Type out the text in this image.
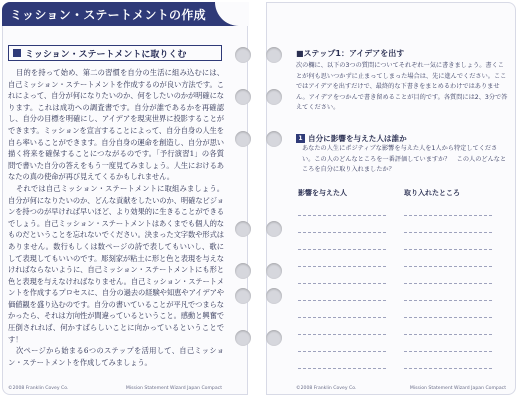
ミッション・ステートメントの作成
ミッション・ステートメントに取りくむ

目的を持って始め、第二の習慣を自分の生活に組み込むには、自己ミッション・ステートメントを作成するのが良い方法です。これによって、自分が何になりたいのか、何をしたいのかが明確になります。これは成功への調査書です。自分が誰であるかを再確認し、自分の目標を明確にし、アイデアを現実世界に投影することができます。ミッションを宣言することによって、自分自身の人生を自ら率いることができます。自分自身の運命を創造し、自分が思い描く将来を確保することにつながるのです。「予行演習1」の各質問で書いた自分の答えをもう一度見てみましょう。人生におけるあなたの真の使命が再び見えてくるかもしれません。

それでは自己ミッション・ステートメントに取組みましょう。自分が何になりたいのか、どんな貢献をしたいのか、明確なビジョンを持つのが早ければ早いほど、より効果的に生きることができるでしょう。自己ミッション・ステートメントはあくまでも個人的なものだということを忘れないでください。決まった文字数や形式はありません。数行もしくは数ページの詩で表してもいいし、歌にして表現してもいいのです。彫刻家が粘土に形と色と表現を与えなければならないように、自己ミッション・ステートメントにも形と色と表現を与えなければなりません。自己ミッション・ステートメントを作成するプロセスに、自分の過去の経験や知恵やアイデアや価値観を盛り込むのです。自分の書いていることが平凡でつまらなかったら、それは方向性が間違っているということ。感動と興奮で圧倒されれば、何かすばらしいことに向かっているということです！

次ページから始まる6つのステップを活用して、自己ミッション・ステートメントを作成してみましょう。

©2008 Franklin Covey Co.	Mission Statement Wizard Japan Compact
■ステップ1：アイデアを出す
次の欄に、以下の3つの質問についてそれぞれ一気に書きましょう。書くことが何も思いつかずに止まってしまった場合は、先に進んでください。ここではアイデアを出すだけで、最終的な下書きをまとめるわけではありません。アイデアをつかんで書き留めることが目的です。各質問には2、3分で答えてください。
1 自分に影響を与えた人は誰か
あなたの人生にポジティブな影響を与えた人を1人から特定してください。この人のどんなところを一番評価していますか？　この人のどんなところを自分に取り入れましたか？
影響を与えた人	取り入れたところ
©2008 Franklin Covey Co.	Mission Statement Wizard Japan Compact
